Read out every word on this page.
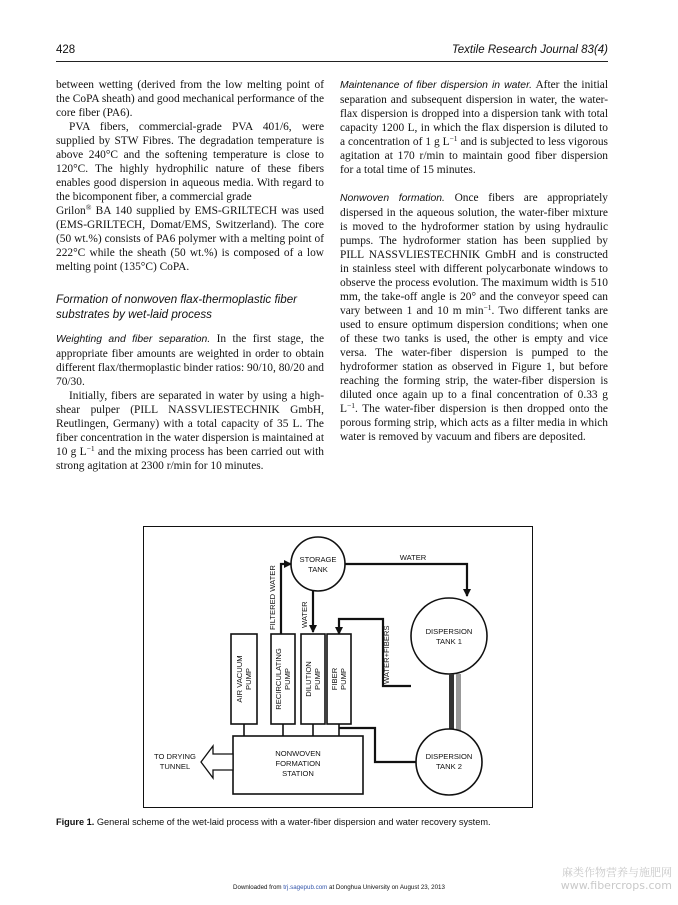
428	Textile Research Journal 83(4)

between wetting (derived from the low melting point of the CoPA sheath) and good mechanical performance of the core fiber (PA6).

PVA fibers, commercial-grade PVA 401/6, were supplied by STW Fibres. The degradation temperature is above 240°C and the softening temperature is close to 120°C. The highly hydrophilic nature of these fibers enables good dispersion in aqueous media. With regard to the bicomponent fiber, a commercial grade

Grilon® BA 140 supplied by EMS-GRILTECH was used (EMS-GRILTECH, Domat/EMS, Switzerland). The core (50 wt.%) consists of PA6 polymer with a melting point of 222°C while the sheath (50 wt.%) is composed of a low melting point (135°C) CoPA.

Formation of nonwoven flax-thermoplastic fiber substrates by wet-laid process

Weighting and fiber separation. In the first stage, the appropriate fiber amounts are weighted in order to obtain different flax/thermoplastic binder ratios: 90/10, 80/20 and 70/30.

Initially, fibers are separated in water by using a high-shear pulper (PILL NASSVLIESTECHNIK GmbH, Reutlingen, Germany) with a total capacity of 35 L. The fiber concentration in the water dispersion is maintained at 10 g $L^{-1}$ and the mixing process has been carried out with strong agitation at 2300 r/min for 10 minutes.

Maintenance of fiber dispersion in water. After the initial separation and subsequent dispersion in water, the water-flax dispersion is dropped into a dispersion tank with total capacity 1200 L, in which the flax dispersion is diluted to a concentration of 1 g $L^{-1}$ and is subjected to less vigorous agitation at 170 r/min to maintain good fiber dispersion for a total time of 15 minutes.

Nonwoven formation. Once fibers are appropriately dispersed in the aqueous solution, the water-fiber mixture is moved to the hydroformer station by using hydraulic pumps. The hydroformer station has been supplied by PILL NASSVLIESTECHNIK GmbH and is constructed in stainless steel with different polycarbonate windows to observe the process evolution. The maximum width is 510 mm, the take-off angle is 20° and the conveyor speed can vary between 1 and 10 m $\min^{-1}$. Two different tanks are used to ensure optimum dispersion conditions; when one of these two tanks is used, the other is empty and vice versa. The water-fiber dispersion is pumped to the hydroformer station as observed in Figure 1, but before reaching the forming strip, the water-fiber dispersion is diluted once again up to a final concentration of 0.33 g $L^{-1}$. The water-fiber dispersion is then dropped onto the porous forming strip, which acts as a filter media in which water is removed by vacuum and fibers are deposited.

STORAGE
TANK
WATER
DISPERSION
TANK 1
DISPERSION
TANK 2
WATER+FIBERS
FILTERED WATER	WATER
AIR VACUUM PUMP	RECIRCULATING PUMP DILUTION PUMP FIBER PUMP
NONWOVEN
FORMATION
STATION
TO DRYING
TUNNEL
Figure 1. General scheme of the wet-laid process with a water-fiber dispersion and water recovery system.
Downloaded from trj.sagepub.com at Donghua University on August 23, 2013
麻类作物营养与施肥网
www.fibercrops.com
